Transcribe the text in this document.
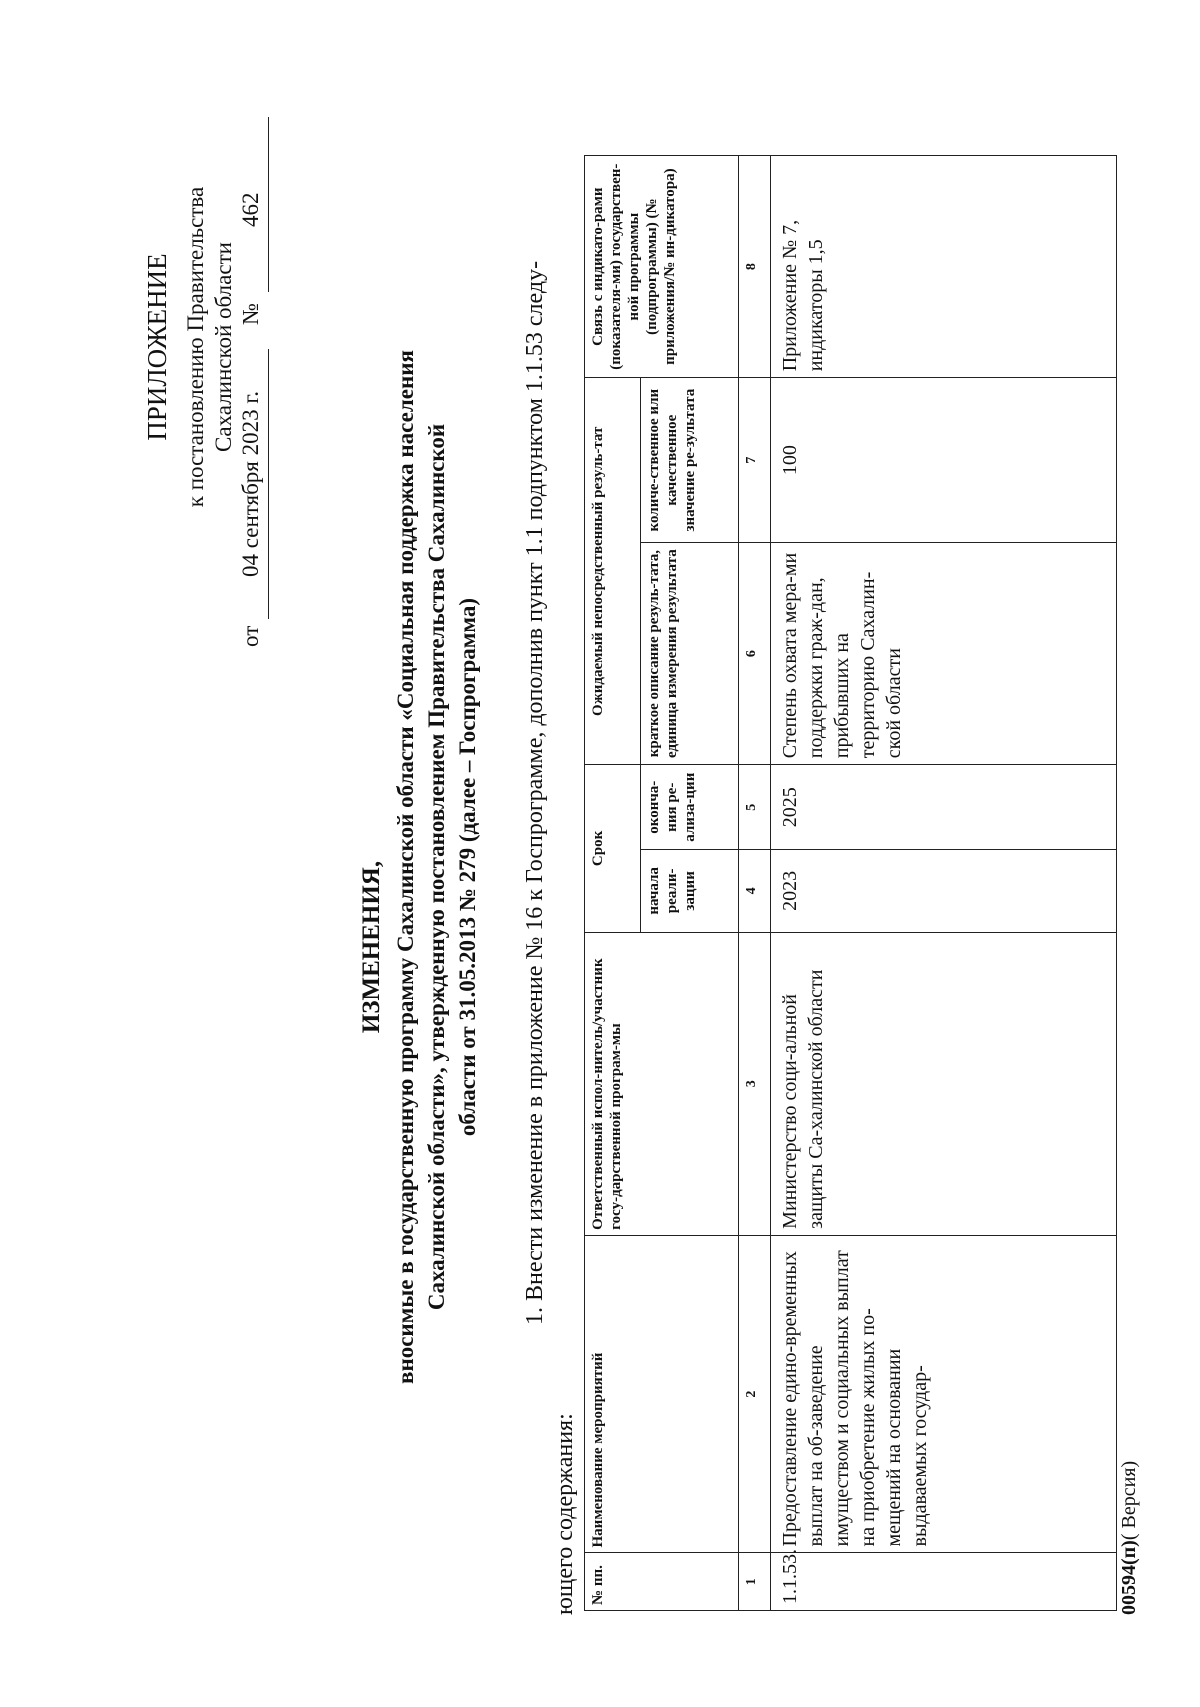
ПРИЛОЖЕНИЕ к постановлению Правительства Сахалинской области
от
04 сентября 2023 г.
№
462
ИЗМЕНЕНИЯ, вносимые в государственную программу Сахалинской области «Социальная поддержка населения Сахалинской области», утвержденную постановлением Правительства Сахалинской области от 31.05.2013 № 279 (далее – Госпрограмма) 1. Внести изменение в приложение № 16 к Госпрограмме, дополнив пункт 1.1 подпунктом 1.1.53 следу-
ющего содержания: № пп.	Наименование мероприятий	Ответственный испол-нитель/участник госу-дарственной програм-мы	Срок		Ожидаемый непосредственный резуль-тат		Связь с индикато-рами (показателя-ми) государствен-ной программы (подпрограммы) (№ приложения/№ ин-дикатора)
			начала реали-зации	оконча-ния ре-ализа-ции	краткое описание резуль-тата, единица измерения результата	количе-ственное или качественное значение ре-зультата	
1	2	3	4	5	6	7	8
1.1.53.	Предоставление едино-временных выплат на об-заведение имуществом и социальных выплат на приобретение жилых по-мещений на основании выдаваемых государ-	Министерство соци-альной защиты Са-халинской области	2023	2025	Степень охвата мера-ми поддержки граж-дан, прибывших на территорию Сахалин-ской области	100	Приложение № 7, индикаторы 1,5
00594(п)( Версия)
